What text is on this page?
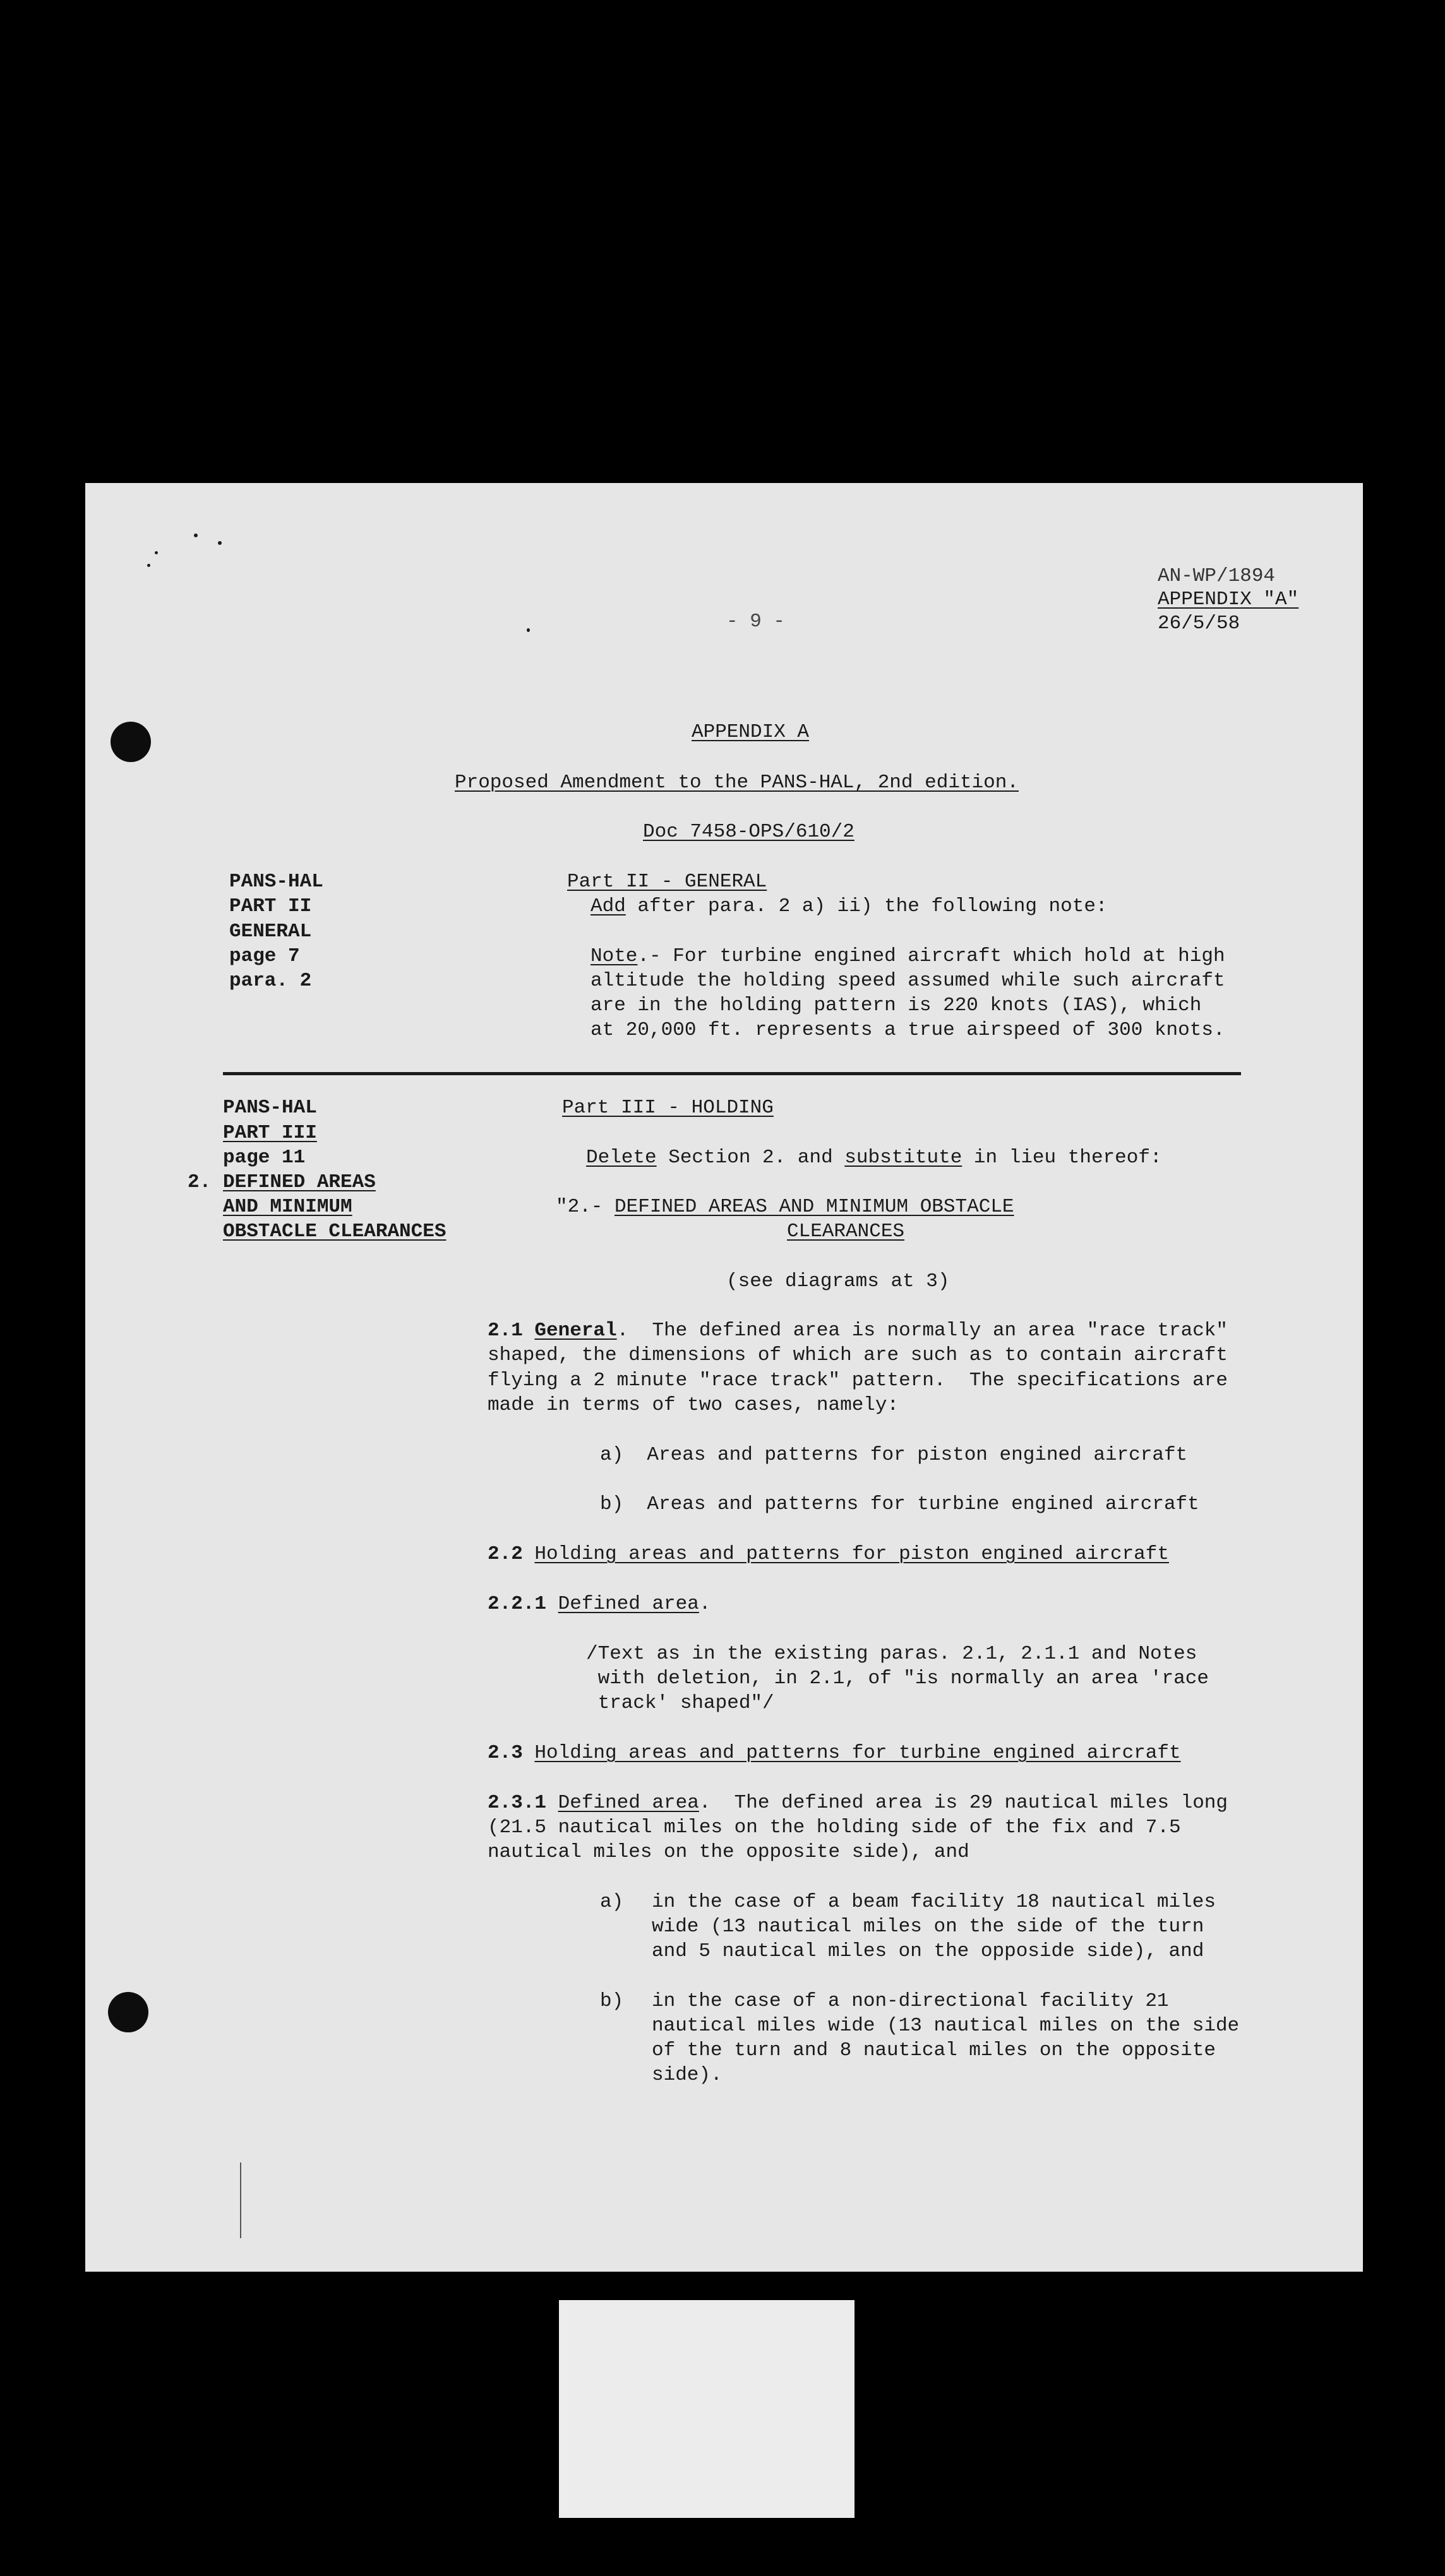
AN-WP/1894
APPENDIX "A"
26/5/58
- 9 -
APPENDIX A
Proposed Amendment to the PANS-HAL, 2nd edition.
Doc 7458-OPS/610/2
PANS-HAL
PART II
GENERAL
page 7
para. 2
Part II - GENERAL
Add after para. 2 a) ii) the following note:
Note.- For turbine engined aircraft which hold at high
altitude the holding speed assumed while such aircraft
are in the holding pattern is 220 knots (IAS), which
at 20,000 ft. represents a true airspeed of 300 knots.
PANS-HAL
PART III
page 11
2. DEFINED AREAS
AND MINIMUM
OBSTACLE CLEARANCES
Part III - HOLDING
Delete Section 2. and substitute in lieu thereof:
"2.- DEFINED AREAS AND MINIMUM OBSTACLE
CLEARANCES
(see diagrams at 3)
2.1 General.  The defined area is normally an area "race track"
shaped, the dimensions of which are such as to contain aircraft
flying a 2 minute "race track" pattern.  The specifications are
made in terms of two cases, namely:
a)  Areas and patterns for piston engined aircraft
b)  Areas and patterns for turbine engined aircraft
2.2 Holding areas and patterns for piston engined aircraft
2.2.1 Defined area.
/Text as in the existing paras. 2.1, 2.1.1 and Notes
with deletion, in 2.1, of "is normally an area 'race
track' shaped"/
2.3 Holding areas and patterns for turbine engined aircraft
2.3.1 Defined area.  The defined area is 29 nautical miles long
(21.5 nautical miles on the holding side of the fix and 7.5
nautical miles on the opposite side), and
a) in the case of a beam facility 18 nautical miles
wide (13 nautical miles on the side of the turn
and 5 nautical miles on the opposide side), and
b) in the case of a non-directional facility 21
nautical miles wide (13 nautical miles on the side
of the turn and 8 nautical miles on the opposite
side).
